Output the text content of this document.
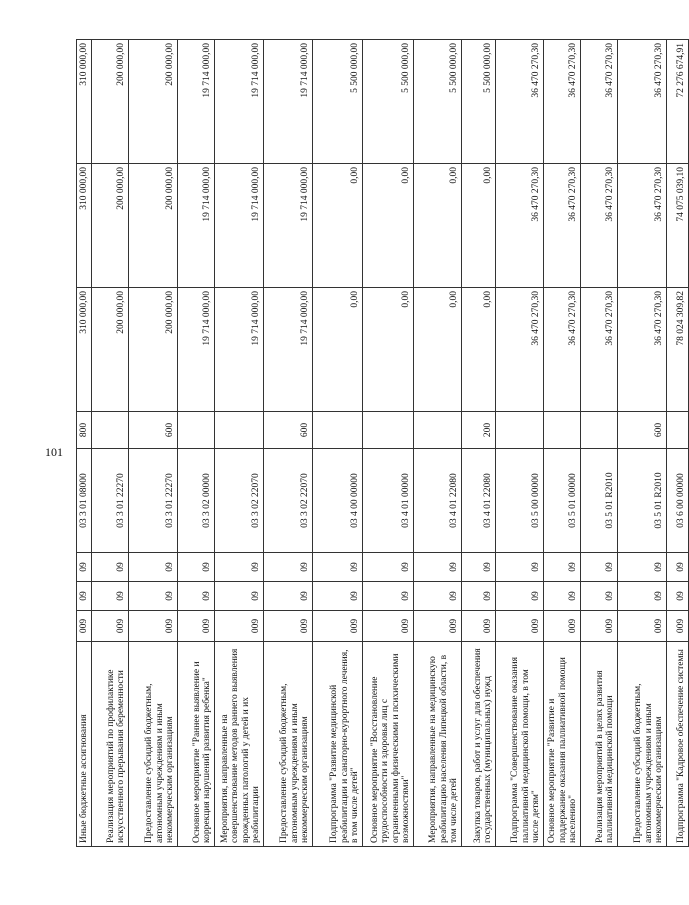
101
Иные бюджетные ассигнования	009	09	09	03 3 01 08000	800	310 000,00	310 000,00	310 000,00
Реализация мероприятий по профилактике искусственного прерывания беременности	009	09	09	03 3 01 22270		200 000,00	200 000,00	200 000,00
Предоставление субсидий бюджетным, автономным учреждениям и иным некоммерческим организациям	009	09	09	03 3 01 22270	600	200 000,00	200 000,00	200 000,00
Основное мероприятие "Раннее выявление и коррекция нарушений развития ребенка"	009	09	09	03 3 02 00000		19 714 000,00	19 714 000,00	19 714 000,00
Мероприятия, направленные на совершенствование методов раннего выявления врожденных патологий у детей и их реабилитации	009	09	09	03 3 02 22070		19 714 000,00	19 714 000,00	19 714 000,00
Предоставление субсидий бюджетным, автономным учреждениям и иным некоммерческим организациям	009	09	09	03 3 02 22070	600	19 714 000,00	19 714 000,00	19 714 000,00
Подпрограмма "Развитие медицинской реабилитации и санаторно-курортного лечения, в том числе детей"	009	09	09	03 4 00 00000		0,00	0,00	5 500 000,00
Основное мероприятие "Восстановление трудоспособности и здоровья лиц с ограниченными физическими и психическими возможностями"	009	09	09	03 4 01 00000		0,00	0,00	5 500 000,00
Мероприятия, направленные на медицинскую реабилитацию населения Липецкой области, в том числе детей	009	09	09	03 4 01 22080		0,00	0,00	5 500 000,00
Закупка товаров, работ и услуг для обеспечения государственных (муниципальных) нужд	009	09	09	03 4 01 22080	200	0,00	0,00	5 500 000,00
Подпрограмма "Совершенствование оказания паллиативной медицинской помощи, в том числе детям"	009	09	09	03 5 00 00000		36 470 270,30	36 470 270,30	36 470 270,30
Основное мероприятие "Развитие и поддержание оказания паллиативной помощи населению"	009	09	09	03 5 01 00000		36 470 270,30	36 470 270,30	36 470 270,30
Реализация мероприятий в целях развития паллиативной медицинской помощи	009	09	09	03 5 01 R2010		36 470 270,30	36 470 270,30	36 470 270,30
Предоставление субсидий бюджетным, автономным учреждениям и иным некоммерческим организациям	009	09	09	03 5 01 R2010	600	36 470 270,30	36 470 270,30	36 470 270,30
Подпрограмма "Кадровое обеспечение системы	009	09	09	03 6 00 00000		78 024 309,82	74 075 039,10	72 276 674,91
